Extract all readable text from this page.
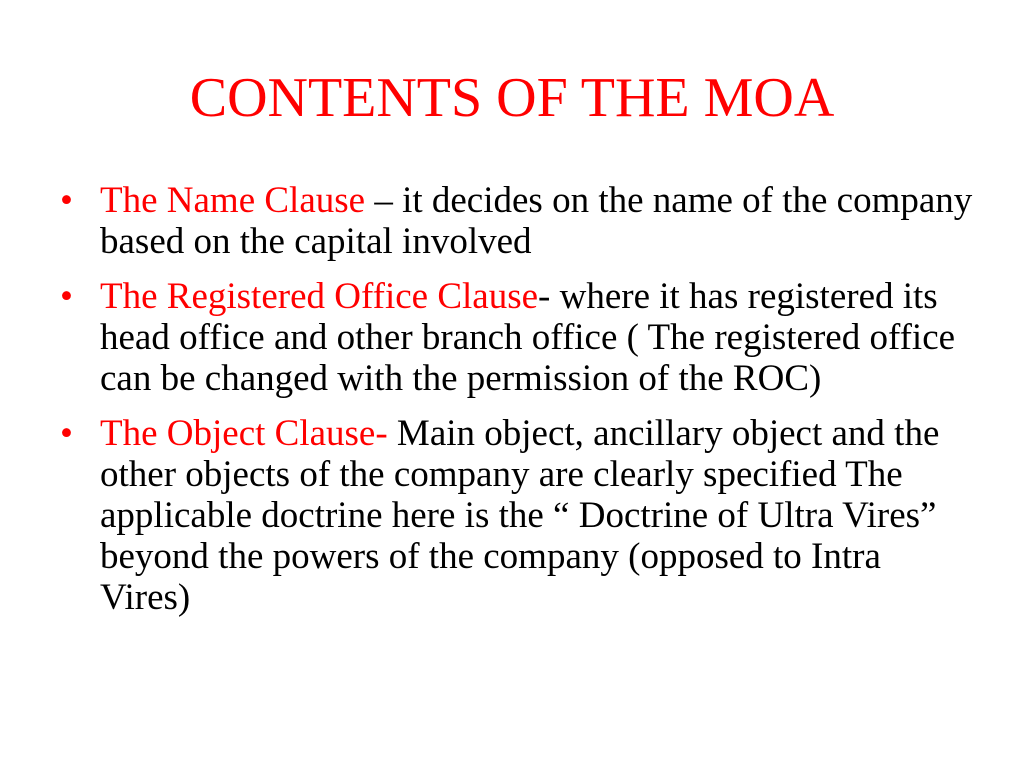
CONTENTS OF THE MOA
• The Name Clause – it decides on the name of the company based on the capital involved
• The Registered Office Clause- where it has registered its head office and other branch office ( The registered office can be changed with the permission of the ROC)
• The Object Clause- Main object, ancillary object and the other objects of the company are clearly specified The applicable doctrine here is the “ Doctrine of Ultra Vires” beyond the powers of the company (opposed to Intra Vires)
